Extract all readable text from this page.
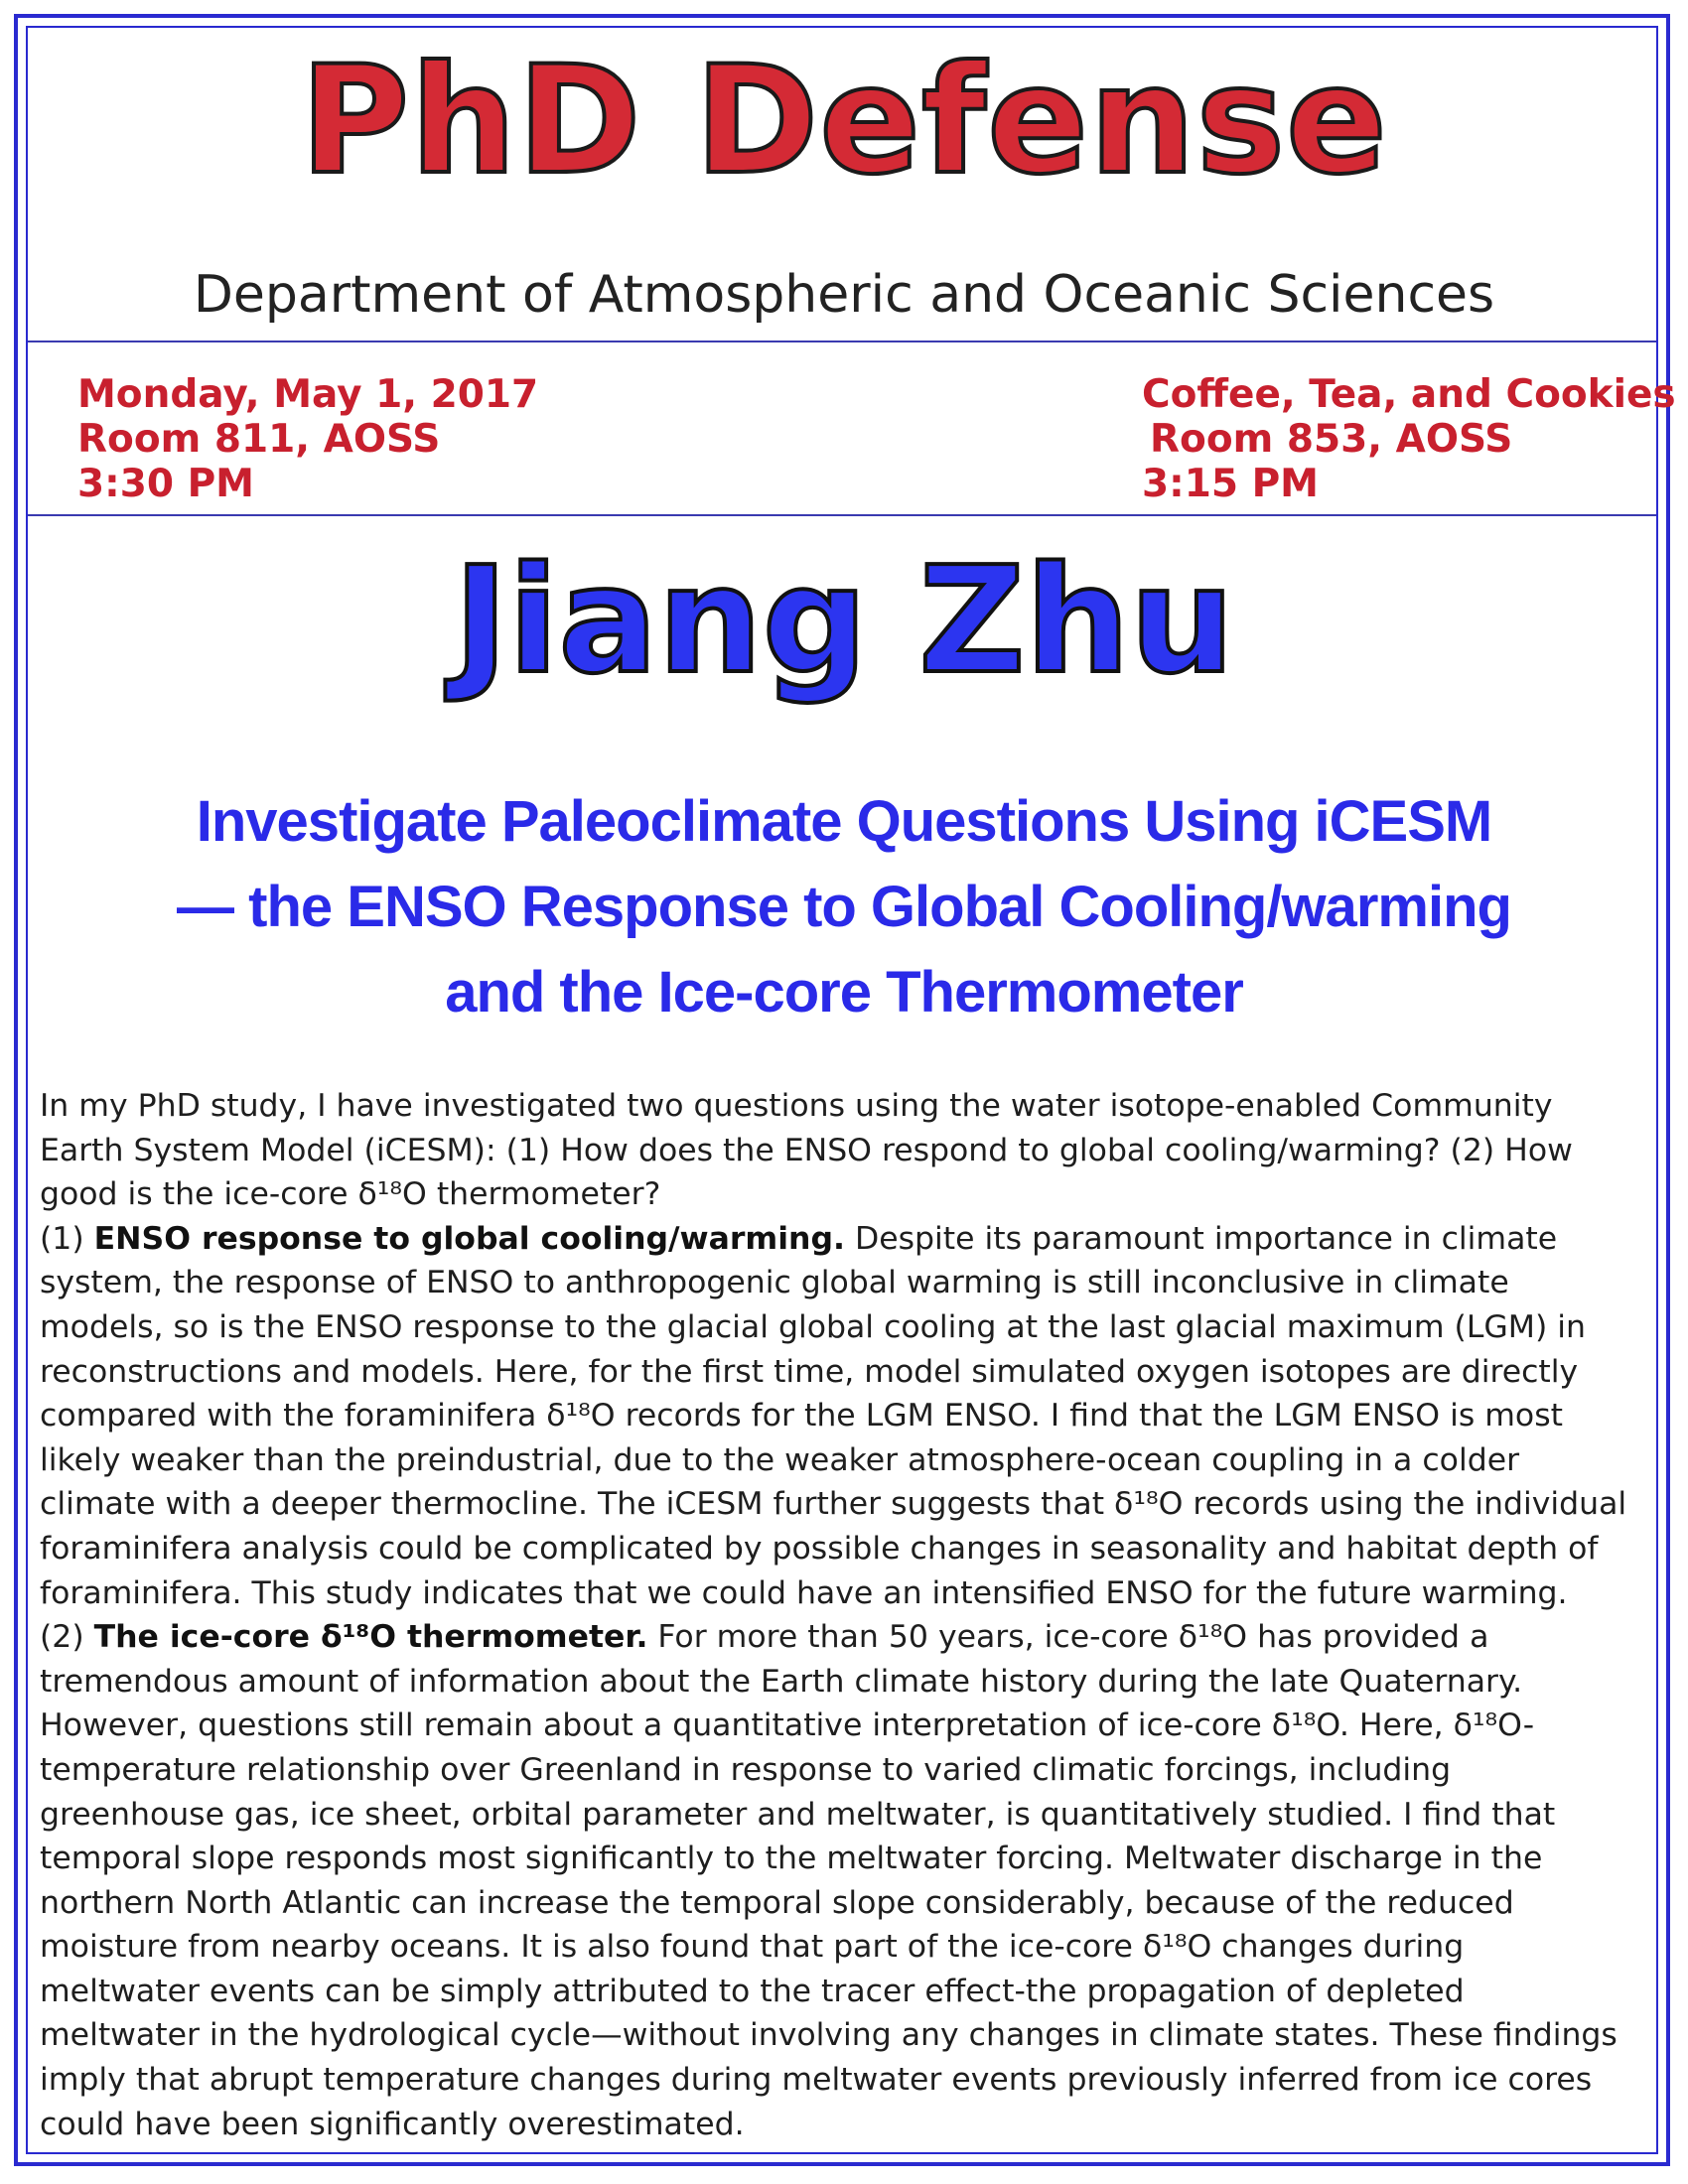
PhD Defense
Department of Atmospheric and Oceanic Sciences
Monday, May 1, 2017
Room 811, AOSS
3:30 PM
Coffee, Tea, and Cookies
Room 853, AOSS
3:15 PM
Jiang Zhu
Investigate Paleoclimate Questions Using iCESM
— the ENSO Response to Global Cooling/warming
and the Ice-core Thermometer
In my PhD study, I have investigated two questions using the water isotope-enabled Community
Earth System Model (iCESM): (1) How does the ENSO respond to global cooling/warming? (2) How
good is the ice-core δ¹⁸O thermometer?
(1) ENSO response to global cooling/warming. Despite its paramount importance in climate
system, the response of ENSO to anthropogenic global warming is still inconclusive in climate
models, so is the ENSO response to the glacial global cooling at the last glacial maximum (LGM) in
reconstructions and models. Here, for the first time, model simulated oxygen isotopes are directly
compared with the foraminifera δ¹⁸O records for the LGM ENSO. I find that the LGM ENSO is most
likely weaker than the preindustrial, due to the weaker atmosphere-ocean coupling in a colder
climate with a deeper thermocline. The iCESM further suggests that δ¹⁸O records using the individual
foraminifera analysis could be complicated by possible changes in seasonality and habitat depth of
foraminifera. This study indicates that we could have an intensified ENSO for the future warming.
(2) The ice-core δ¹⁸O thermometer. For more than 50 years, ice-core δ¹⁸O has provided a
tremendous amount of information about the Earth climate history during the late Quaternary.
However, questions still remain about a quantitative interpretation of ice-core δ¹⁸O. Here, δ¹⁸O-
temperature relationship over Greenland in response to varied climatic forcings, including
greenhouse gas, ice sheet, orbital parameter and meltwater, is quantitatively studied. I find that
temporal slope responds most significantly to the meltwater forcing. Meltwater discharge in the
northern North Atlantic can increase the temporal slope considerably, because of the reduced
moisture from nearby oceans. It is also found that part of the ice-core δ¹⁸O changes during
meltwater events can be simply attributed to the tracer effect-the propagation of depleted
meltwater in the hydrological cycle—without involving any changes in climate states. These findings
imply that abrupt temperature changes during meltwater events previously inferred from ice cores
could have been significantly overestimated.
